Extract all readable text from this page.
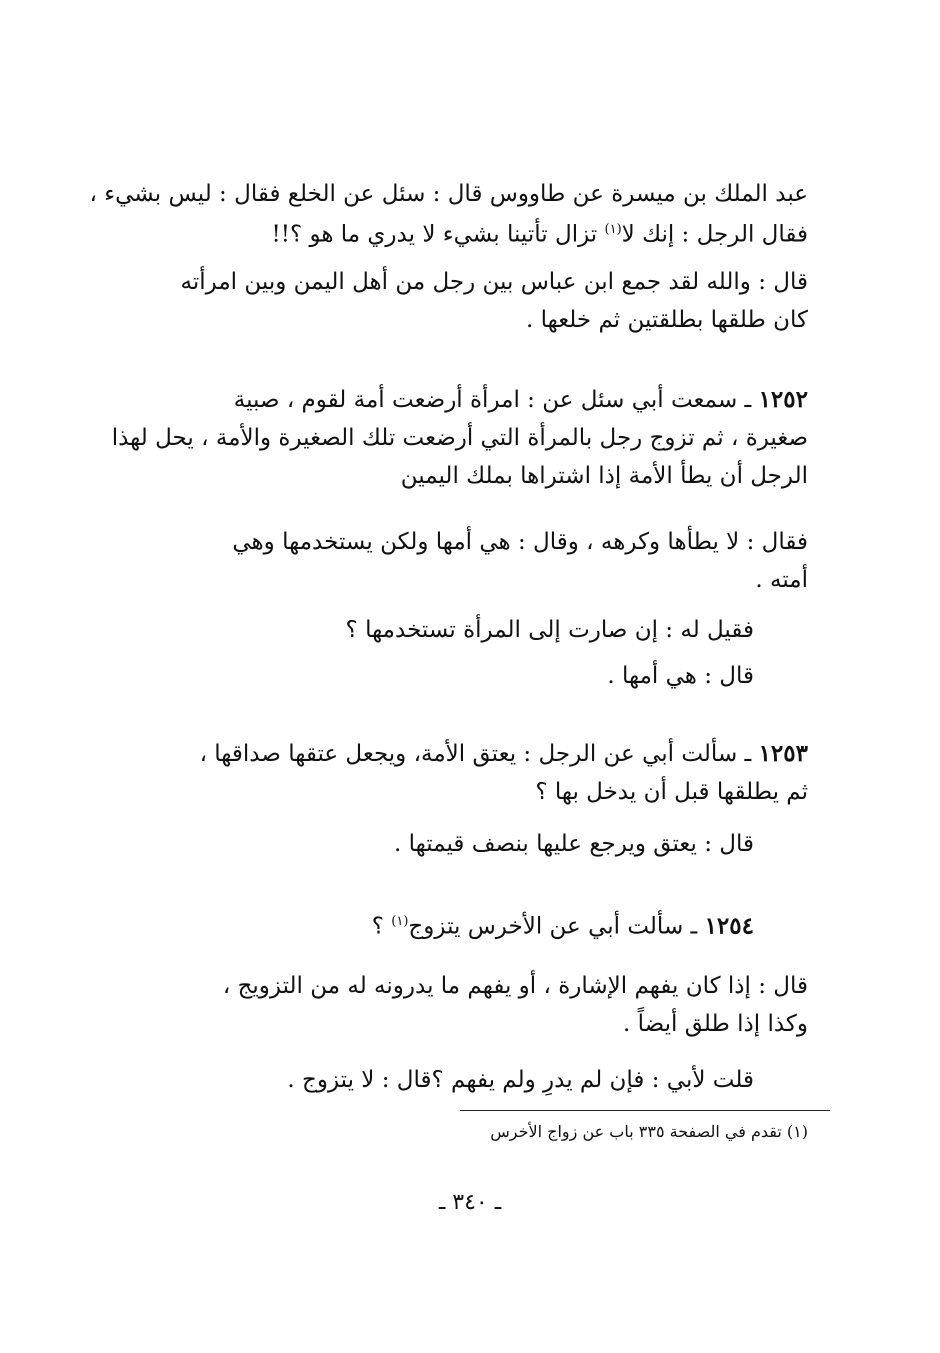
عبد الملك بن ميسرة عن طاووس قال : سئل عن الخلع فقال : ليس بشيء ،
فقال الرجل : إنك لا$^{(١)}$ تزال تأتينا بشيء لا يدري ما هو ؟!!
قال : والله لقد جمع ابن عباس بين رجل من أهل اليمن وبين امرأته
كان طلقها بطلقتين ثم خلعها .
١٢٥٢ ـ سمعت أبي سئل عن : امرأة أرضعت أمة لقوم ، صبية
صغيرة ، ثم تزوج رجل بالمرأة التي أرضعت تلك الصغيرة والأمة ، يحل لهذا
الرجل أن يطأ الأمة إذا اشتراها بملك اليمين
فقال : لا يطأها وكرهه ، وقال : هي أمها ولكن يستخدمها وهي
أمته .
فقيل له : إن صارت إلى المرأة تستخدمها ؟
قال : هي أمها .
١٢٥٣ ـ سألت أبي عن الرجل : يعتق الأمة، ويجعل عتقها صداقها ،
ثم يطلقها قبل أن يدخل بها ؟
قال : يعتق ويرجع عليها بنصف قيمتها .
١٢٥٤ ـ سألت أبي عن الأخرس يتزوج$^{(١)}$ ؟
قال : إذا كان يفهم الإشارة ، أو يفهم ما يدرونه له من التزويج ،
وكذا إذا طلق أيضاً .
قلت لأبي : فإن لم يدرِ ولم يفهم ؟قال : لا يتزوج .
(١) تقدم في الصفحة ٣٣٥ باب عن زواج الأخرس
ـ ٣٤٠ ـ
